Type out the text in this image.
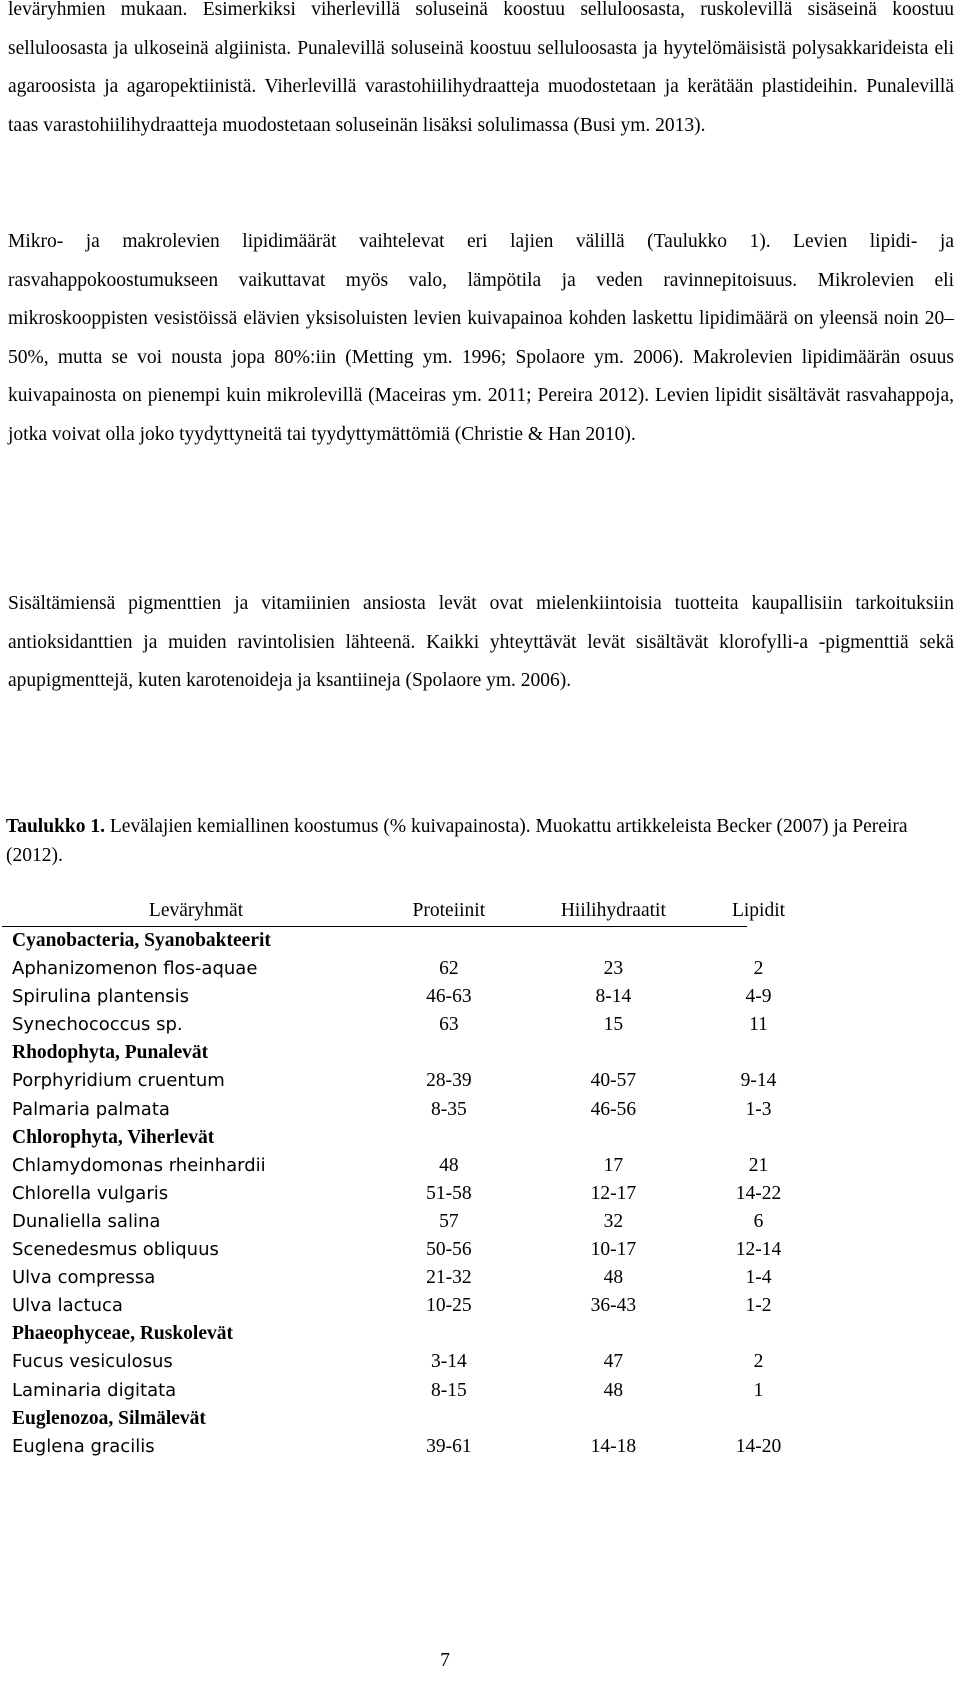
leväryhmien mukaan. Esimerkiksi viherlevillä soluseinä koostuu selluloosasta, ruskolevillä sisäseinä koostuu selluloosasta ja ulkoseinä algiinista. Punalevillä soluseinä koostuu selluloosasta ja hyytelömäisistä polysakkarideista eli agaroosista ja agaropektiinistä. Viherlevillä varastohiilihydraatteja muodostetaan ja kerätään plastideihin. Punalevillä taas varastohiilihydraatteja muodostetaan soluseinän lisäksi solulimassa (Busi ym. 2013).

Mikro- ja makrolevien lipidimäärät vaihtelevat eri lajien välillä (Taulukko 1). Levien lipidi- ja rasvahappokoostumukseen vaikuttavat myös valo, lämpötila ja veden ravinnepitoisuus. Mikrolevien eli mikroskooppisten vesistöissä elävien yksisoluisten levien kuivapainoa kohden laskettu lipidimäärä on yleensä noin 20‒50%, mutta se voi nousta jopa 80%:iin (Metting ym. 1996; Spolaore ym. 2006). Makrolevien lipidimäärän osuus kuivapainosta on pienempi kuin mikrolevillä (Maceiras ym. 2011; Pereira 2012). Levien lipidit sisältävät rasvahappoja, jotka voivat olla joko tyydyttyneitä tai tyydyttymättömiä (Christie & Han 2010).

Sisältämiensä pigmenttien ja vitamiinien ansiosta levät ovat mielenkiintoisia tuotteita kaupallisiin tarkoituksiin antioksidanttien ja muiden ravintolisien lähteenä. Kaikki yhteyttävät levät sisältävät klorofylli-a -pigmenttiä sekä apupigmenttejä, kuten karotenoideja ja ksantiineja (Spolaore ym. 2006).

Taulukko 1. Levälajien kemiallinen koostumus (% kuivapainosta). Muokattu artikkeleista Becker (2007) ja Pereira (2012).

Leväryhmät	Proteiinit	Hiilihydraatit	Lipidit
Cyanobacteria, Syanobakteerit			
Aphanizomenon flos-aquae	62	23	2
Spirulina plantensis	46-63	8-14	4-9
Synechococcus sp.	63	15	11
Rhodophyta, Punalevät			
Porphyridium cruentum	28-39	40-57	9-14
Palmaria palmata	8-35	46-56	1-3
Chlorophyta, Viherlevät			
Chlamydomonas rheinhardii	48	17	21
Chlorella vulgaris	51-58	12-17	14-22
Dunaliella salina	57	32	6
Scenedesmus obliquus	50-56	10-17	12-14
Ulva compressa	21-32	48	1-4
Ulva lactuca	10-25	36-43	1-2
Phaeophyceae, Ruskolevät			
Fucus vesiculosus	3-14	47	2
Laminaria digitata	8-15	48	1
Euglenozoa, Silmälevät			
Euglena gracilis	39-61	14-18	14-20
7
